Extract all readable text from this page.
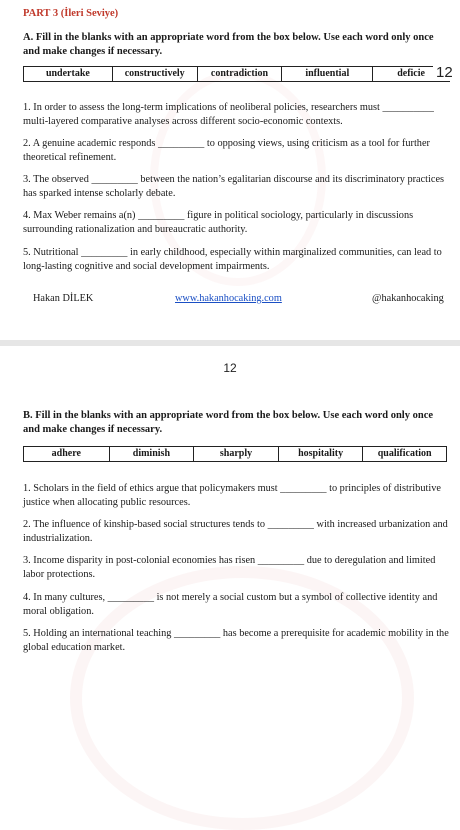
PART 3 (İleri Seviye)
A. Fill in the blanks with an appropriate word from the box below. Use each word only once and make changes if necessary.
undertake	constructively	contradiction	influential	deficie 12
1. In order to assess the long-term implications of neoliberal policies, researchers must __________ multi-layered comparative analyses across different socio-economic contexts.
2. A genuine academic responds _________ to opposing views, using criticism as a tool for further theoretical refinement.
3. The observed _________ between the nation’s egalitarian discourse and its discriminatory practices has sparked intense scholarly debate.
4. Max Weber remains a(n) _________ figure in political sociology, particularly in discussions surrounding rationalization and bureaucratic authority.
5. Nutritional _________ in early childhood, especially within marginalized communities, can lead to long-lasting cognitive and social development impairments.
Hakan DİLEK	www.hakanhocaking.com	@hakanhocaking
12
B. Fill in the blanks with an appropriate word from the box below. Use each word only once and make changes if necessary.
adhere	diminish	sharply	hospitality	qualification
1. Scholars in the field of ethics argue that policymakers must _________ to principles of distributive justice when allocating public resources.
2. The influence of kinship-based social structures tends to _________ with increased urbanization and industrialization.
3. Income disparity in post-colonial economies has risen _________ due to deregulation and limited labor protections.
4. In many cultures, _________ is not merely a social custom but a symbol of collective identity and moral obligation.
5. Holding an international teaching _________ has become a prerequisite for academic mobility in the global education market.
